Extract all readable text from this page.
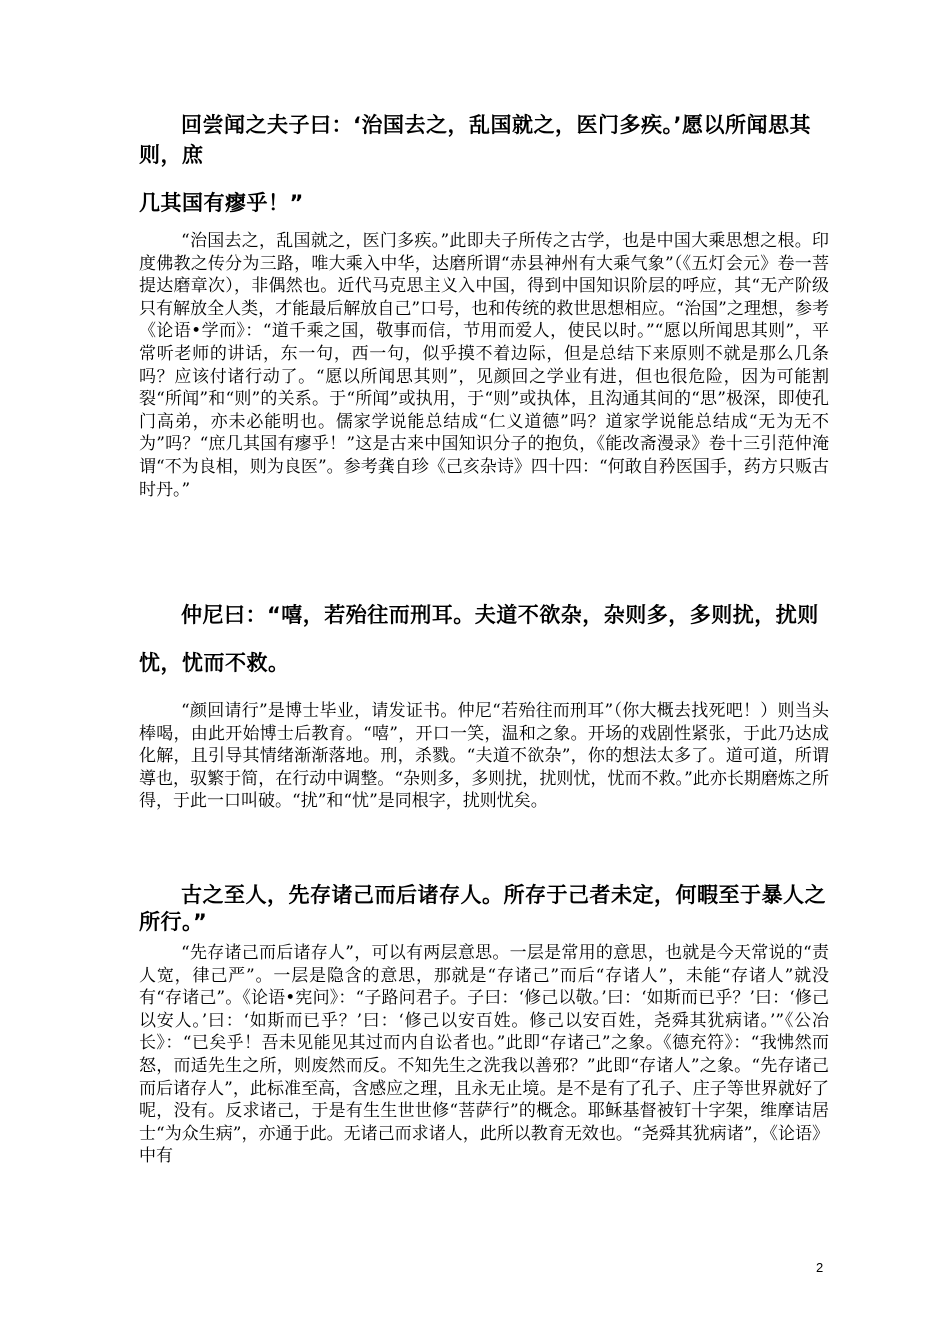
回尝闻之夫子曰：‘治国去之，乱国就之，医门多疾。’愿以所闻思其则，庶

几其国有瘳乎！”

“治国去之，乱国就之，医门多疾。”此即夫子所传之古学，也是中国大乘思想之根。印度佛教之传分为三路，唯大乘入中华，达磨所谓“赤县神州有大乘气象”（《五灯会元》卷一菩提达磨章次），非偶然也。近代马克思主义入中国，得到中国知识阶层的呼应，其“无产阶级只有解放全人类，才能最后解放自己”口号，也和传统的救世思想相应。“治国”之理想，参考《论语•学而》：“道千乘之国，敬事而信，节用而爱人，使民以时。”“愿以所闻思其则”，平常听老师的讲话，东一句，西一句，似乎摸不着边际，但是总结下来原则不就是那么几条吗？应该付诸行动了。“愿以所闻思其则”，见颜回之学业有进，但也很危险，因为可能割裂“所闻”和“则”的关系。于“所闻”或执用，于“则”或执体，且沟通其间的“思”极深，即使孔门高弟，亦未必能明也。儒家学说能总结成“仁义道德”吗？道家学说能总结成“无为无不为”吗？“庶几其国有瘳乎！”这是古来中国知识分子的抱负，《能改斋漫录》卷十三引范仲淹谓“不为良相，则为良医”。参考龚自珍《己亥杂诗》四十四：“何敢自矜医国手，药方只贩古时丹。”

仲尼曰：“嘻，若殆往而刑耳。夫道不欲杂，杂则多，多则扰，扰则

忧，忧而不救。

“颜回请行”是博士毕业，请发证书。仲尼“若殆往而刑耳”（你大概去找死吧！）则当头棒喝，由此开始博士后教育。“嘻”，开口一笑，温和之象。开场的戏剧性紧张，于此乃达成化解，且引导其情绪渐渐落地。刑，杀戮。“夫道不欲杂”，你的想法太多了。道可道，所谓導也，驭繁于简，在行动中调整。“杂则多，多则扰，扰则忧，忧而不救。”此亦长期磨炼之所得，于此一口叫破。“扰”和“忧”是同根字，扰则忧矣。

古之至人，先存诸己而后诸存人。所存于己者未定，何暇至于暴人之所行。”

“先存诸己而后诸存人”，可以有两层意思。一层是常用的意思，也就是今天常说的“责人宽，律己严”。一层是隐含的意思，那就是“存诸己”而后“存诸人”，未能“存诸人”就没有“存诸己”。《论语•宪问》：“子路问君子。子曰：‘修己以敬。’曰：‘如斯而已乎？’曰：‘修己以安人。’曰：‘如斯而已乎？’曰：‘修己以安百姓。修己以安百姓，尧舜其犹病诸。’”《公冶长》：“已矣乎！吾未见能见其过而内自讼者也。”此即“存诸己”之象。《德充符》：“我怫然而怒，而适先生之所，则废然而反。不知先生之洗我以善邪？”此即“存诸人”之象。“先存诸己而后诸存人”，此标准至高，含感应之理，且永无止境。是不是有了孔子、庄子等世界就好了呢，没有。反求诸己，于是有生生世世修“菩萨行”的概念。耶稣基督被钉十字架，维摩诘居士“为众生病”，亦通于此。无诸己而求诸人，此所以教育无效也。“尧舜其犹病诸”，《论语》中有

2
